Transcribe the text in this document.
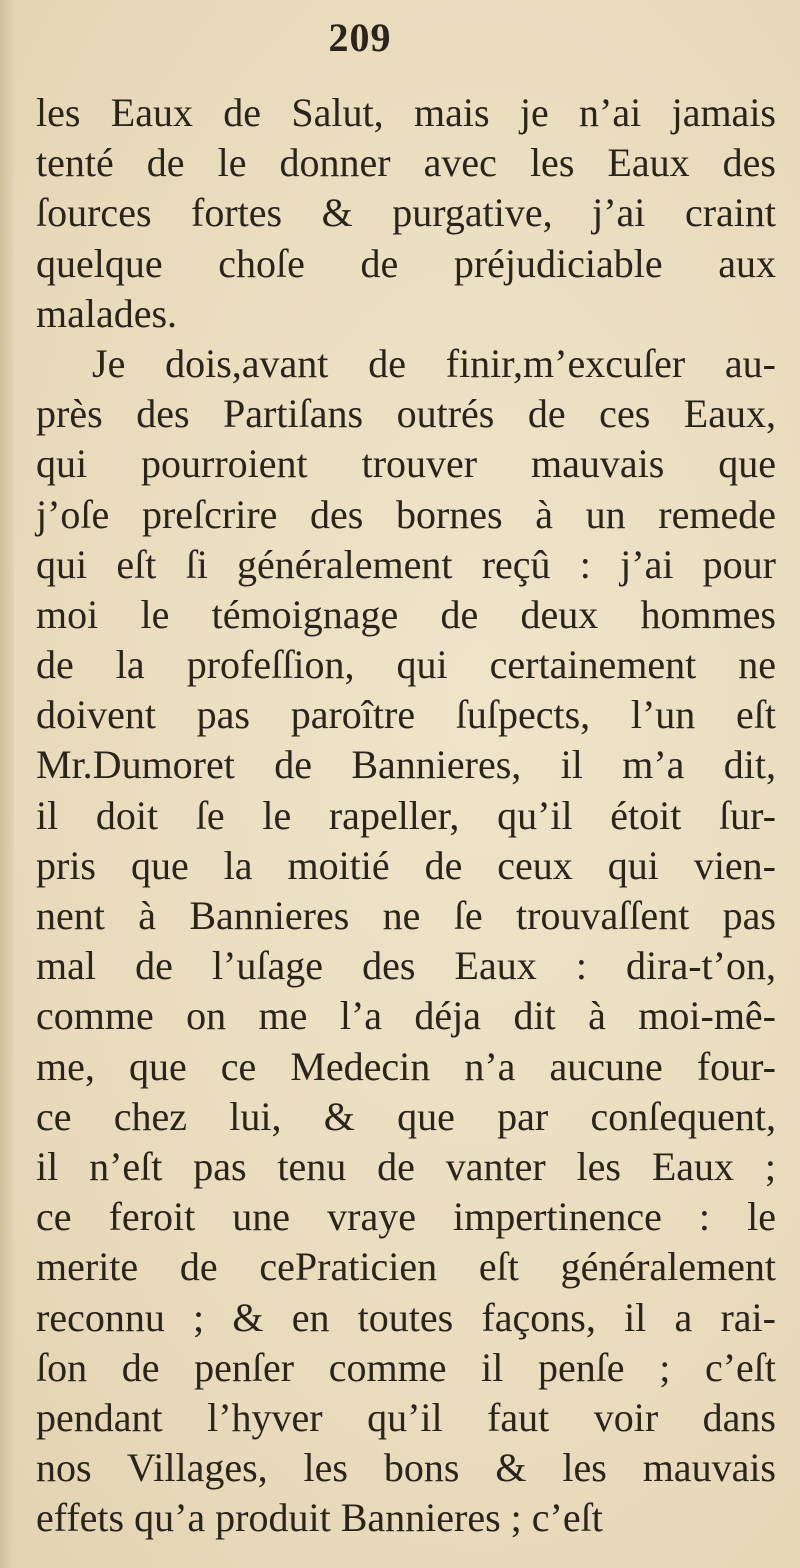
209
les Eaux de Salut, mais je n’ai jamais
tenté de le donner avec les Eaux des
ſources fortes & purgative, j’ai craint
quelque choſe de préjudiciable aux
malades.
Je dois,avant de finir,m’excuſer au-
près des Partiſans outrés de ces Eaux,
qui pourroient trouver mauvais que
j’oſe preſcrire des bornes à un remede
qui eſt ſi généralement reçû : j’ai pour
moi le témoignage de deux hommes
de la profeſſion, qui certainement ne
doivent pas paroître ſuſpects, l’un eſt
Mr.Dumoret de Bannieres, il m’a dit,
il doit ſe le rapeller, qu’il étoit ſur-
pris que la moitié de ceux qui vien-
nent à Bannieres ne ſe trouvaſſent pas
mal de l’uſage des Eaux : dira-t’on,
comme on me l’a déja dit à moi-mê-
me, que ce Medecin n’a aucune four-
ce chez lui, & que par conſequent,
il n’eſt pas tenu de vanter les Eaux ;
ce feroit une vraye impertinence : le
merite de cePraticien eſt généralement
reconnu ; & en toutes façons, il a rai-
ſon de penſer comme il penſe ; c’eſt
pendant l’hyver qu’il faut voir dans
nos Villages, les bons & les mauvais
effets qu’a produit Bannieres ; c’eſt
